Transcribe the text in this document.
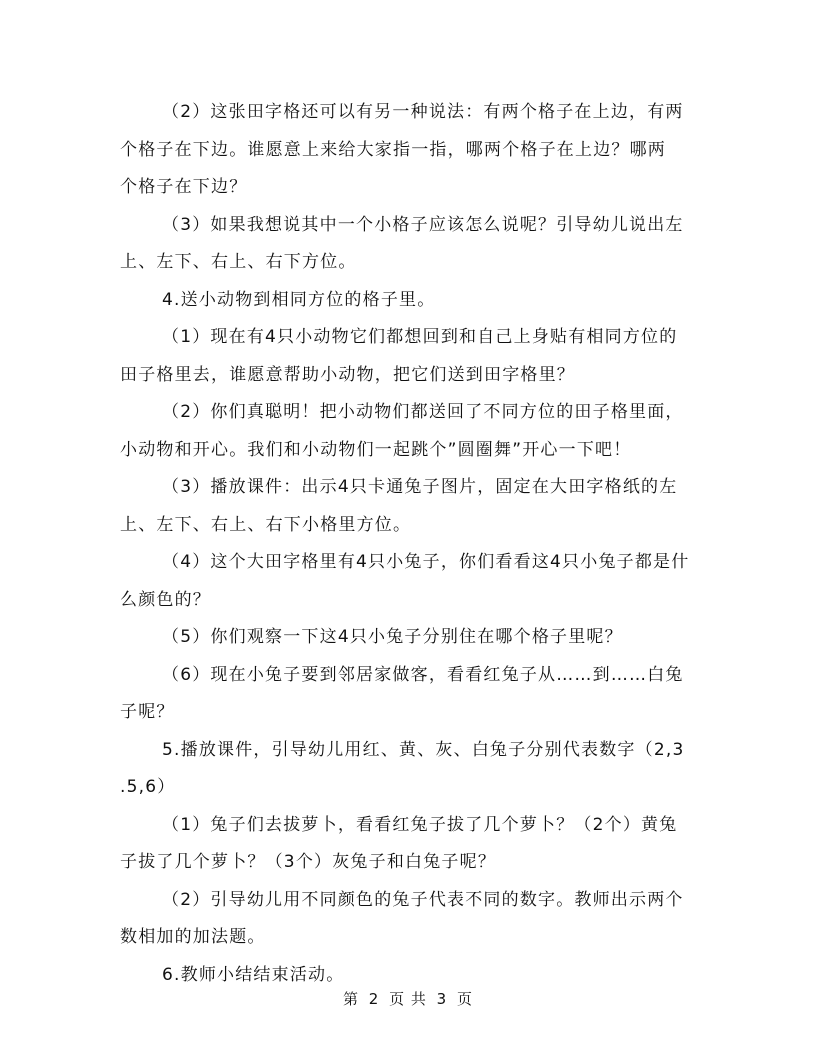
（2）这张田字格还可以有另一种说法：有两个格子在上边，有两
个格子在下边。谁愿意上来给大家指一指，哪两个格子在上边？哪两
个格子在下边？
（3）如果我想说其中一个小格子应该怎么说呢？引导幼儿说出左
上、左下、右上、右下方位。
4.送小动物到相同方位的格子里。
（1）现在有4只小动物它们都想回到和自己上身贴有相同方位的
田子格里去，谁愿意帮助小动物，把它们送到田字格里？
（2）你们真聪明！把小动物们都送回了不同方位的田子格里面，
小动物和开心。我们和小动物们一起跳个”圆圈舞”开心一下吧！
（3）播放课件：出示4只卡通兔子图片，固定在大田字格纸的左
上、左下、右上、右下小格里方位。
（4）这个大田字格里有4只小兔子，你们看看这4只小兔子都是什
么颜色的？
（5）你们观察一下这4只小兔子分别住在哪个格子里呢？
（6）现在小兔子要到邻居家做客，看看红兔子从……到……白兔
子呢？
5.播放课件，引导幼儿用红、黄、灰、白兔子分别代表数字（2,3
.5,6）
（1）兔子们去拔萝卜，看看红兔子拔了几个萝卜？（2个）黄兔
子拔了几个萝卜？（3个）灰兔子和白兔子呢？
（2）引导幼儿用不同颜色的兔子代表不同的数字。教师出示两个
数相加的加法题。
6.教师小结结束活动。
第 2 页 共 3 页
